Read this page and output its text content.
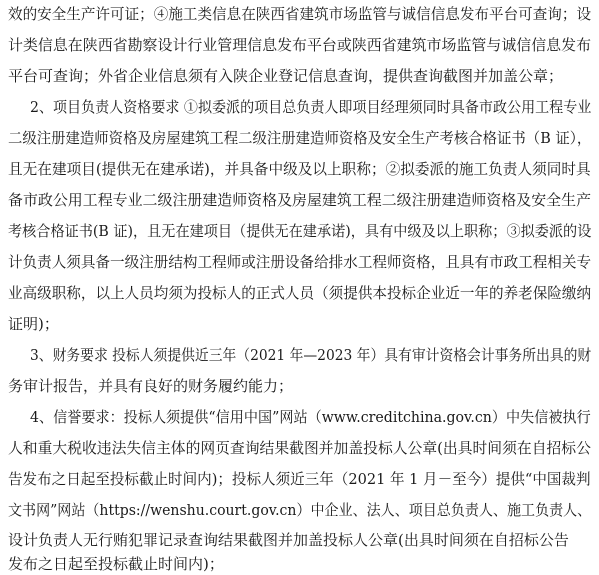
效的安全生产许可证；④施工类信息在陕西省建筑市场监管与诚信信息发布平台可查询；设
计类信息在陕西省勘察设计行业管理信息发布平台或陕西省建筑市场监管与诚信信息发布
平台可查询；外省企业信息须有入陕企业登记信息查询，提供查询截图并加盖公章；
2、项目负责人资格要求 ①拟委派的项目总负责人即项目经理须同时具备市政公用工程专业
二级注册建造师资格及房屋建筑工程二级注册建造师资格及安全生产考核合格证书（B 证），
且无在建项目(提供无在建承诺)，并具备中级及以上职称；②拟委派的施工负责人须同时具
备市政公用工程专业二级注册建造师资格及房屋建筑工程二级注册建造师资格及安全生产
考核合格证书(B 证)，且无在建项目（提供无在建承诺)，具有中级及以上职称；③拟委派的设
计负责人须具备一级注册结构工程师或注册设备给排水工程师资格，且具有市政工程相关专
业高级职称，以上人员均须为投标人的正式人员（须提供本投标企业近一年的养老保险缴纳
证明)；
3、财务要求 投标人须提供近三年（2021 年—2023 年）具有审计资格会计事务所出具的财
务审计报告，并具有良好的财务履约能力；
4、信誉要求：投标人须提供“信用中国”网站（www.creditchina.gov.cn）中失信被执行
人和重大税收违法失信主体的网页查询结果截图并加盖投标人公章(出具时间须在自招标公
告发布之日起至投标截止时间内)；投标人须近三年（2021 年 1 月－至今）提供“中国裁判
文书网”网站（https://wenshu.court.gov.cn）中企业、法人、项目总负责人、施工负责人、
设计负责人无行贿犯罪记录查询结果截图并加盖投标人公章(出具时间须在自招标公告
发布之日起至投标截止时间内)；
